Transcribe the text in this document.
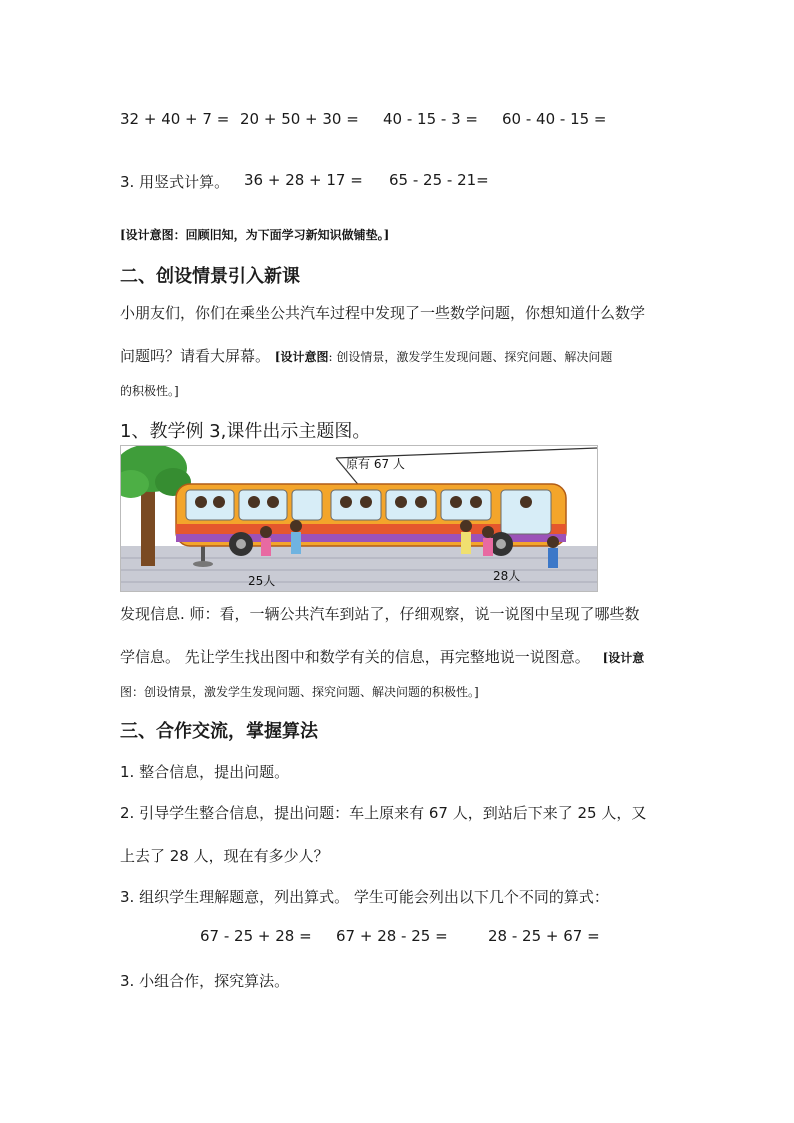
32 + 40 + 7 = 20 + 50 + 30 = 40 - 15 - 3 = 60 - 40 - 15 =
3. 用竖式计算。 36 + 28 + 17 = 65 - 25 - 21=
[设计意图：回顾旧知，为下面学习新知识做铺垫。]
二、创设情景引入新课
小朋友们，你们在乘坐公共汽车过程中发现了一些数学问题，你想知道什么数学
问题吗？请看大屏幕。 [设计意图: 创设情景，激发学生发现问题、探究问题、解决问题
的积极性。]
1、教学例 3,课件出示主题图。
原有 67 人
25人	28人
发现信息. 师：看，一辆公共汽车到站了，仔细观察，说一说图中呈现了哪些数
学信息。 先让学生找出图中和数学有关的信息，再完整地说一说图意。 [设计意
图：创设情景，激发学生发现问题、探究问题、解决问题的积极性。]
三、合作交流，掌握算法
1. 整合信息，提出问题。
2. 引导学生整合信息，提出问题：车上原来有 67 人，到站后下来了 25 人，又
上去了 28 人，现在有多少人？
3. 组织学生理解题意，列出算式。 学生可能会列出以下几个不同的算式：
67 - 25 + 28 = 67 + 28 - 25 =	28 - 25 + 67 =
3. 小组合作，探究算法。
